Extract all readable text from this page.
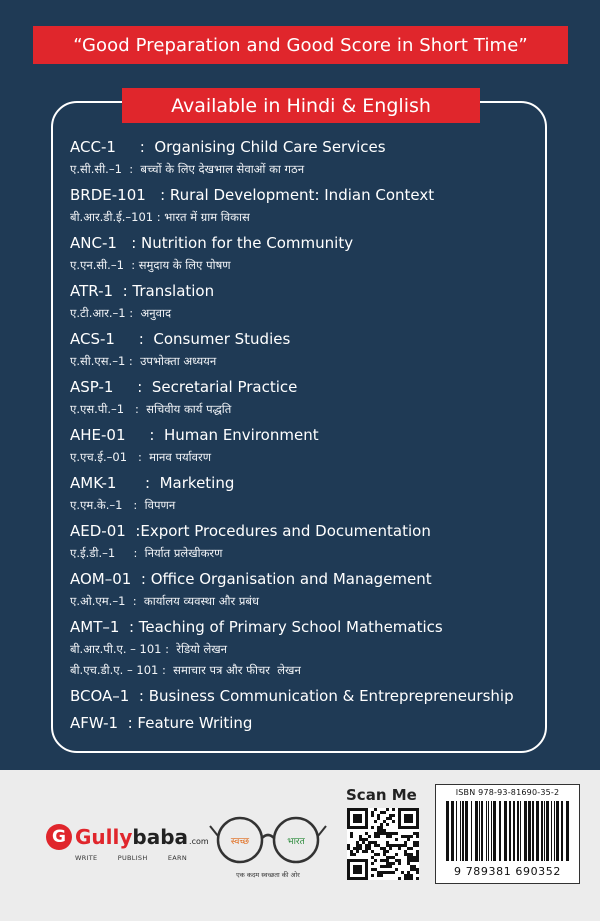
“Good Preparation and Good Score in Short Time”
Available in Hindi & English
ACC-1     :  Organising Child Care Services
ए.सी.सी.–1  :  बच्चों के लिए देखभाल सेवाओं का गठन
BRDE-101   : Rural Development: Indian Context
बी.आर.डी.ई.–101 : भारत में ग्राम विकास
ANC-1   : Nutrition for the Community
ए.एन.सी.–1  : समुदाय के लिए पोषण
ATR-1  : Translation
ए.टी.आर.–1 :  अनुवाद
ACS-1     :  Consumer Studies
ए.सी.एस.–1 :  उपभोक्ता अध्ययन
ASP-1     :  Secretarial Practice
ए.एस.पी.–1   :  सचिवीय कार्य पद्धति
AHE-01     :  Human Environment
ए.एच.ई.–01   :  मानव पर्यावरण
AMK-1      :  Marketing
ए.एम.के.–1   :  विपणन
AED-01  :Export Procedures and Documentation
ए.ई.डी.–1     :  निर्यात प्रलेखीकरण
AOM–01  : Office Organisation and Management
ए.ओ.एम.–1  :  कार्यालय व्यवस्था और प्रबंध
AMT–1  : Teaching of Primary School Mathematics
बी.आर.पी.ए. – 101 :  रेडियो लेखन
बी.एच.डी.ए. – 101 :  समाचार पत्र और फीचर  लेखन
BCOA–1  : Business Communication & Entreprepreneurship
AFW-1  : Feature Writing
G Gullybaba .com
WRITE	PUBLISH	EARN
स्वच्छ	भारत
एक कदम स्वच्छता की ओर
Scan Me	ISBN 978-93-81690-35-2
9 789381 690352
